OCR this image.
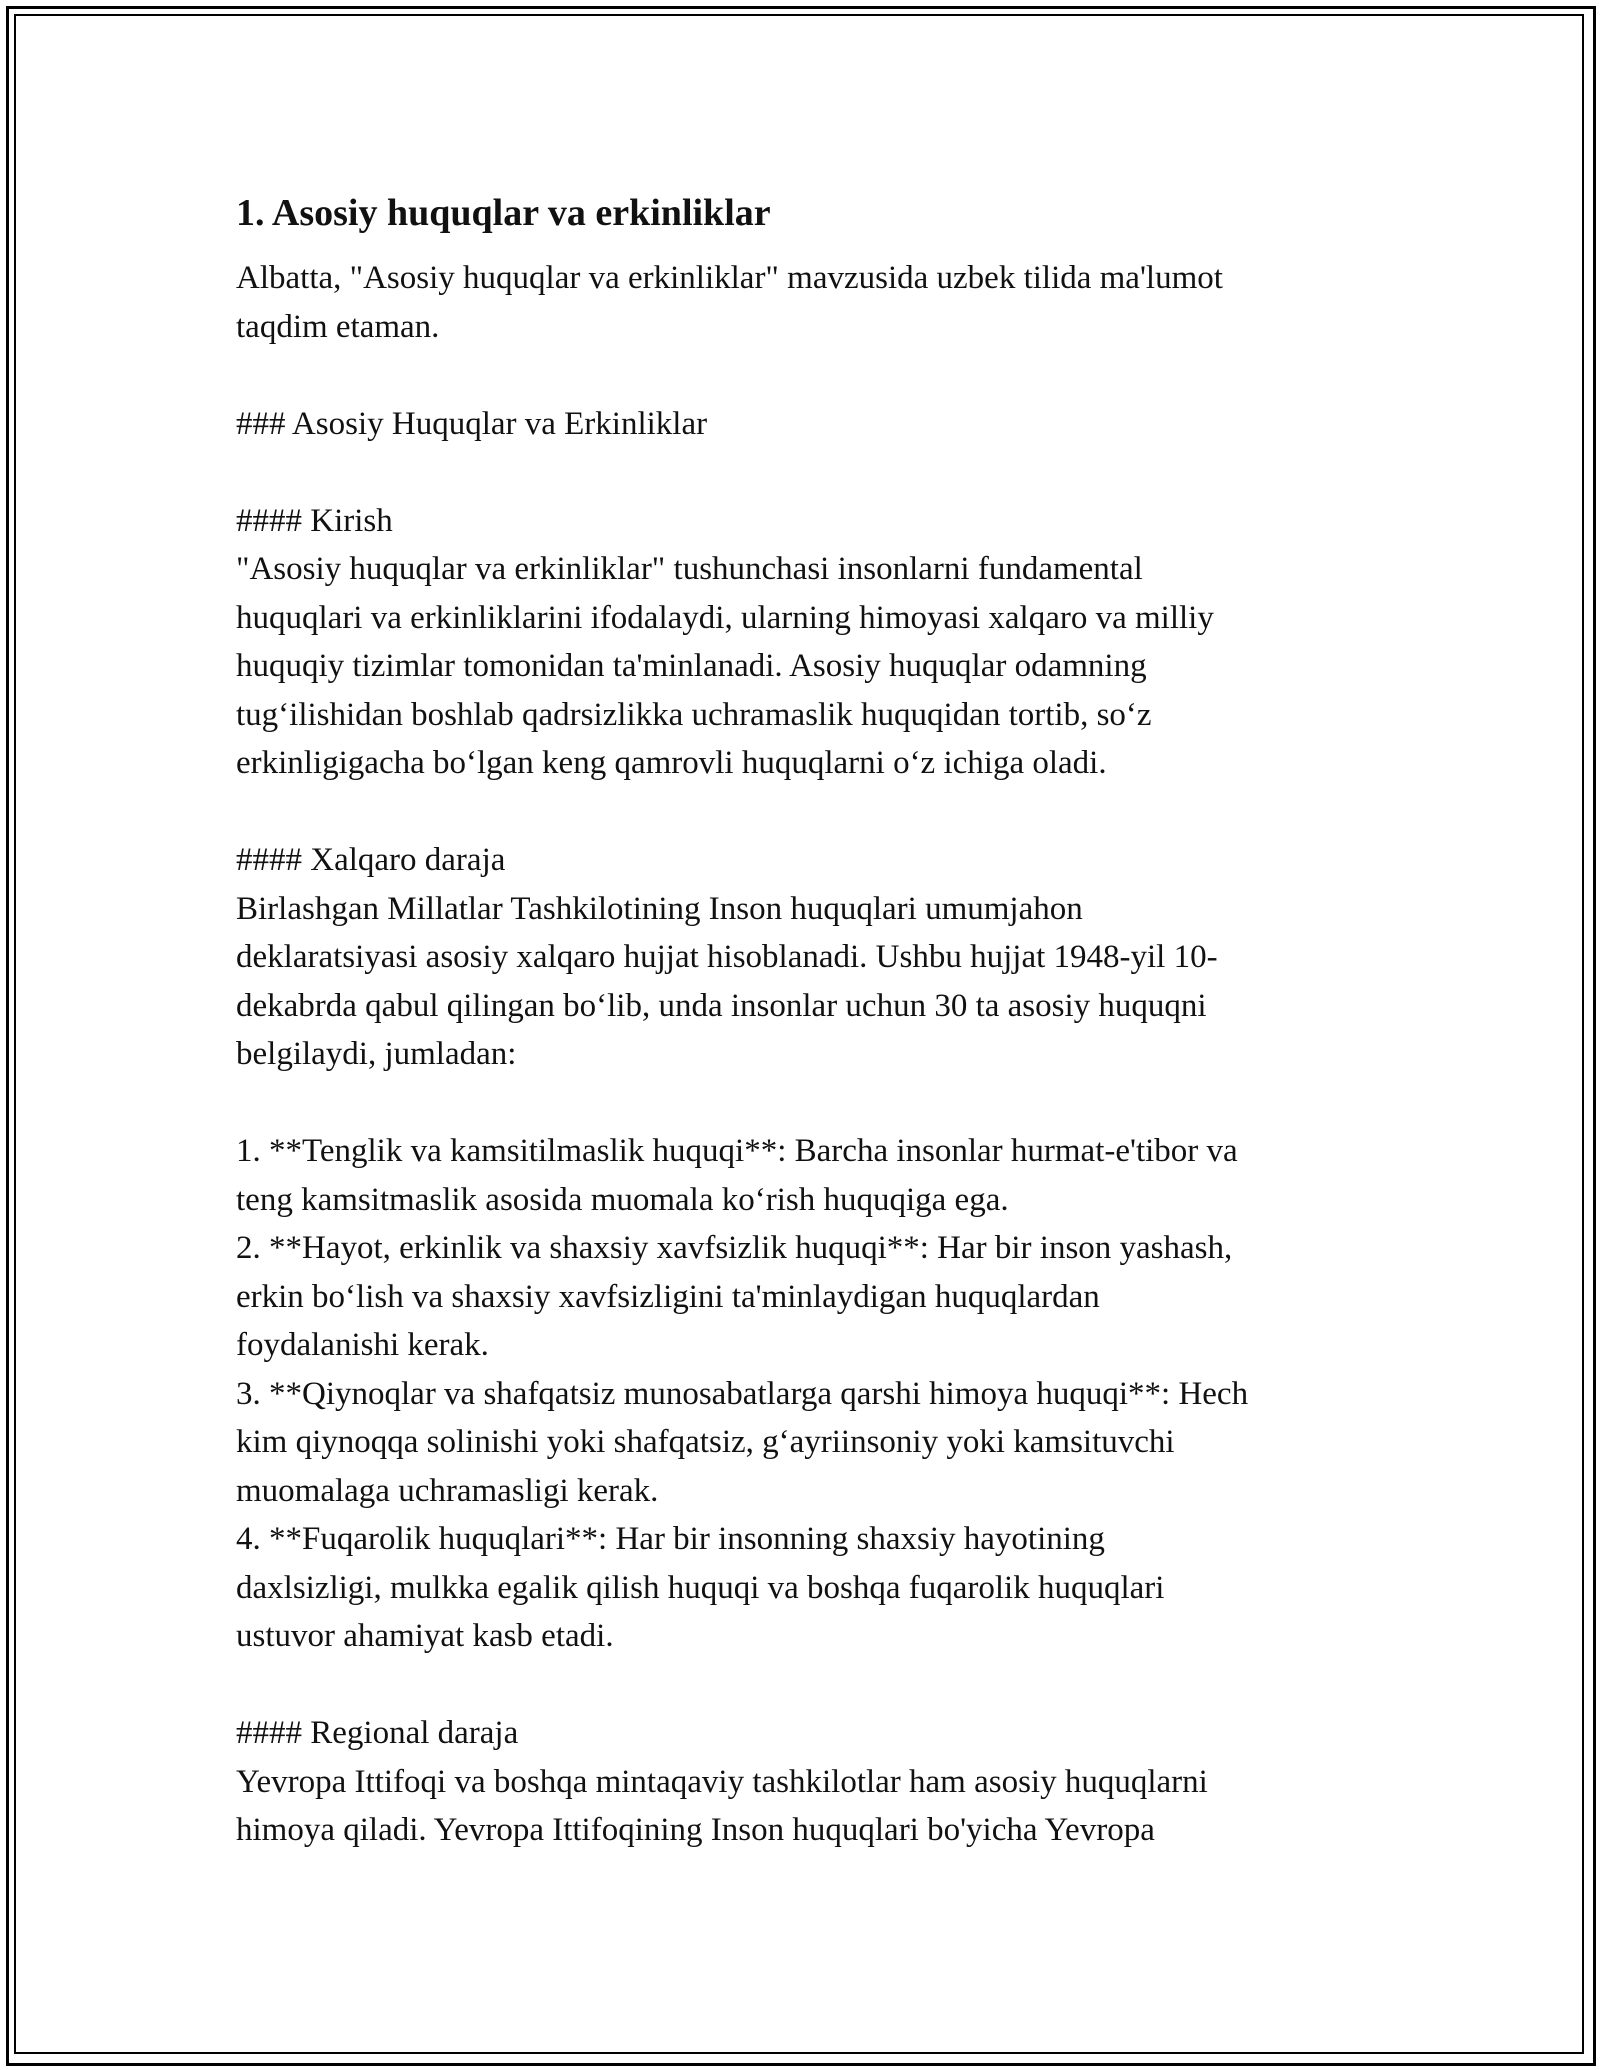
1. Asosiy huquqlar va erkinliklar

Albatta, "Asosiy huquqlar va erkinliklar" mavzusida uzbek tilida ma'lumot
taqdim etaman.

### Asosiy Huquqlar va Erkinliklar

#### Kirish

"Asosiy huquqlar va erkinliklar" tushunchasi insonlarni fundamental
huquqlari va erkinliklarini ifodalaydi, ularning himoyasi xalqaro va milliy
huquqiy tizimlar tomonidan ta'minlanadi. Asosiy huquqlar odamning
tug‘ilishidan boshlab qadrsizlikka uchramaslik huquqidan tortib, so‘z
erkinligigacha bo‘lgan keng qamrovli huquqlarni o‘z ichiga oladi.

#### Xalqaro daraja

Birlashgan Millatlar Tashkilotining Inson huquqlari umumjahon
deklaratsiyasi asosiy xalqaro hujjat hisoblanadi. Ushbu hujjat 1948-yil 10-
dekabrda qabul qilingan bo‘lib, unda insonlar uchun 30 ta asosiy huquqni
belgilaydi, jumladan:

1. **Tenglik va kamsitilmaslik huquqi**: Barcha insonlar hurmat-e'tibor va
teng kamsitmaslik asosida muomala ko‘rish huquqiga ega.

2. **Hayot, erkinlik va shaxsiy xavfsizlik huquqi**: Har bir inson yashash,
erkin bo‘lish va shaxsiy xavfsizligini ta'minlaydigan huquqlardan
foydalanishi kerak.

3. **Qiynoqlar va shafqatsiz munosabatlarga qarshi himoya huquqi**: Hech
kim qiynoqqa solinishi yoki shafqatsiz, g‘ayriinsoniy yoki kamsituvchi
muomalaga uchramasligi kerak.

4. **Fuqarolik huquqlari**: Har bir insonning shaxsiy hayotining
daxlsizligi, mulkka egalik qilish huquqi va boshqa fuqarolik huquqlari
ustuvor ahamiyat kasb etadi.

#### Regional daraja

Yevropa Ittifoqi va boshqa mintaqaviy tashkilotlar ham asosiy huquqlarni
himoya qiladi. Yevropa Ittifoqining Inson huquqlari bo'yicha Yevropa
